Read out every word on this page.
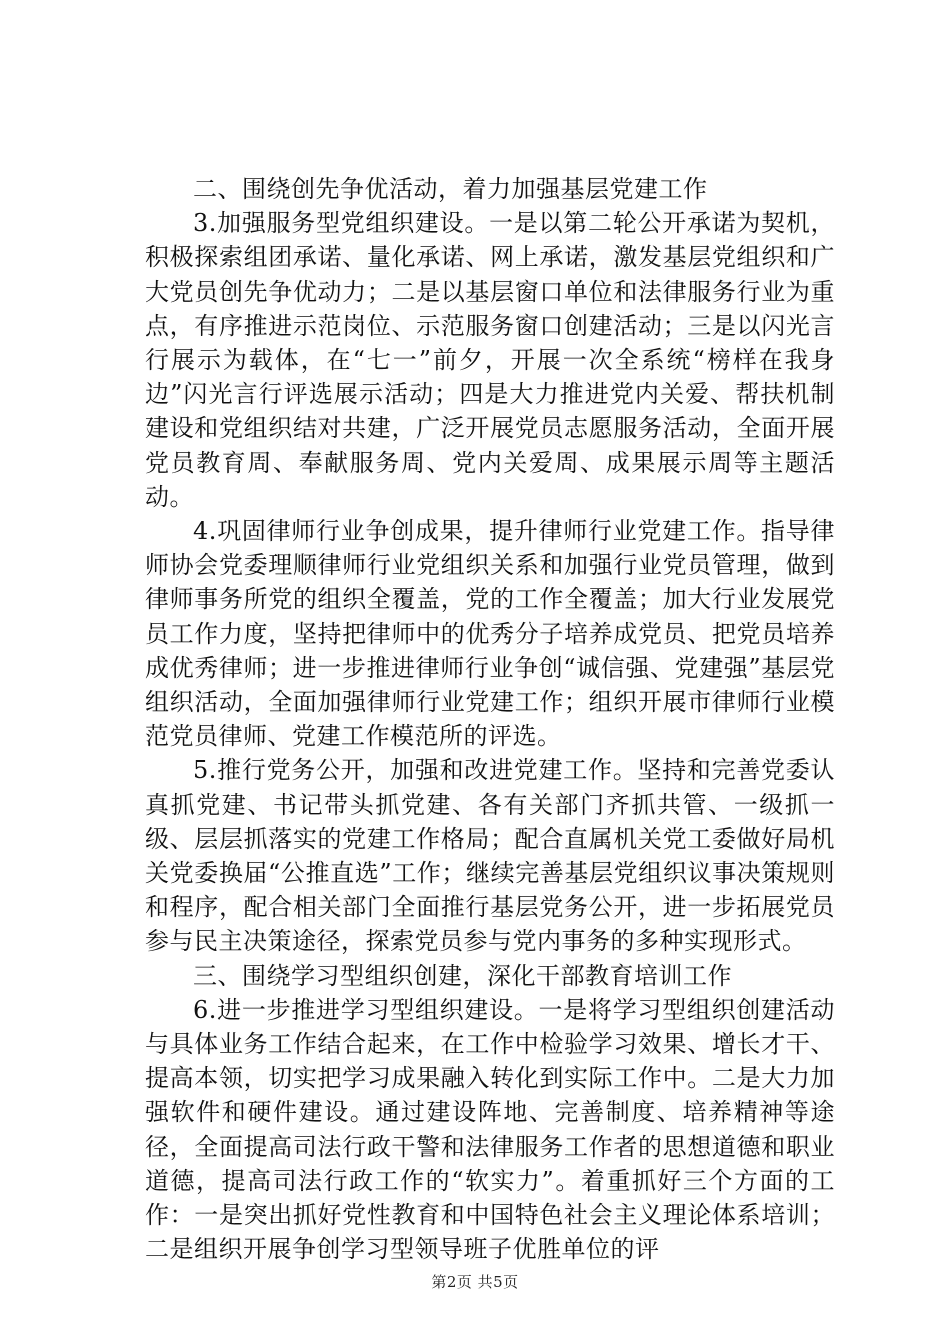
二、围绕创先争优活动，着力加强基层党建工作

3.加强服务型党组织建设。一是以第二轮公开承诺为契机，积极探索组团承诺、量化承诺、网上承诺，激发基层党组织和广大党员创先争优动力；二是以基层窗口单位和法律服务行业为重点，有序推进示范岗位、示范服务窗口创建活动；三是以闪光言行展示为载体，在“七一”前夕，开展一次全系统“榜样在我身边”闪光言行评选展示活动；四是大力推进党内关爱、帮扶机制建设和党组织结对共建，广泛开展党员志愿服务活动，全面开展党员教育周、奉献服务周、党内关爱周、成果展示周等主题活动。

4.巩固律师行业争创成果，提升律师行业党建工作。指导律师协会党委理顺律师行业党组织关系和加强行业党员管理，做到律师事务所党的组织全覆盖，党的工作全覆盖；加大行业发展党员工作力度，坚持把律师中的优秀分子培养成党员、把党员培养成优秀律师；进一步推进律师行业争创“诚信强、党建强”基层党组织活动，全面加强律师行业党建工作；组织开展市律师行业模范党员律师、党建工作模范所的评选。

5.推行党务公开，加强和改进党建工作。坚持和完善党委认真抓党建、书记带头抓党建、各有关部门齐抓共管、一级抓一级、层层抓落实的党建工作格局；配合直属机关党工委做好局机关党委换届“公推直选”工作；继续完善基层党组织议事决策规则和程序，配合相关部门全面推行基层党务公开，进一步拓展党员参与民主决策途径，探索党员参与党内事务的多种实现形式。

三、围绕学习型组织创建，深化干部教育培训工作

6.进一步推进学习型组织建设。一是将学习型组织创建活动与具体业务工作结合起来，在工作中检验学习效果、增长才干、提高本领，切实把学习成果融入转化到实际工作中。二是大力加强软件和硬件建设。通过建设阵地、完善制度、培养精神等途径，全面提高司法行政干警和法律服务工作者的思想道德和职业道德，提高司法行政工作的“软实力”。着重抓好三个方面的工作：一是突出抓好党性教育和中国特色社会主义理论体系培训；二是组织开展争创学习型领导班子优胜单位的评

第2页 共5页
